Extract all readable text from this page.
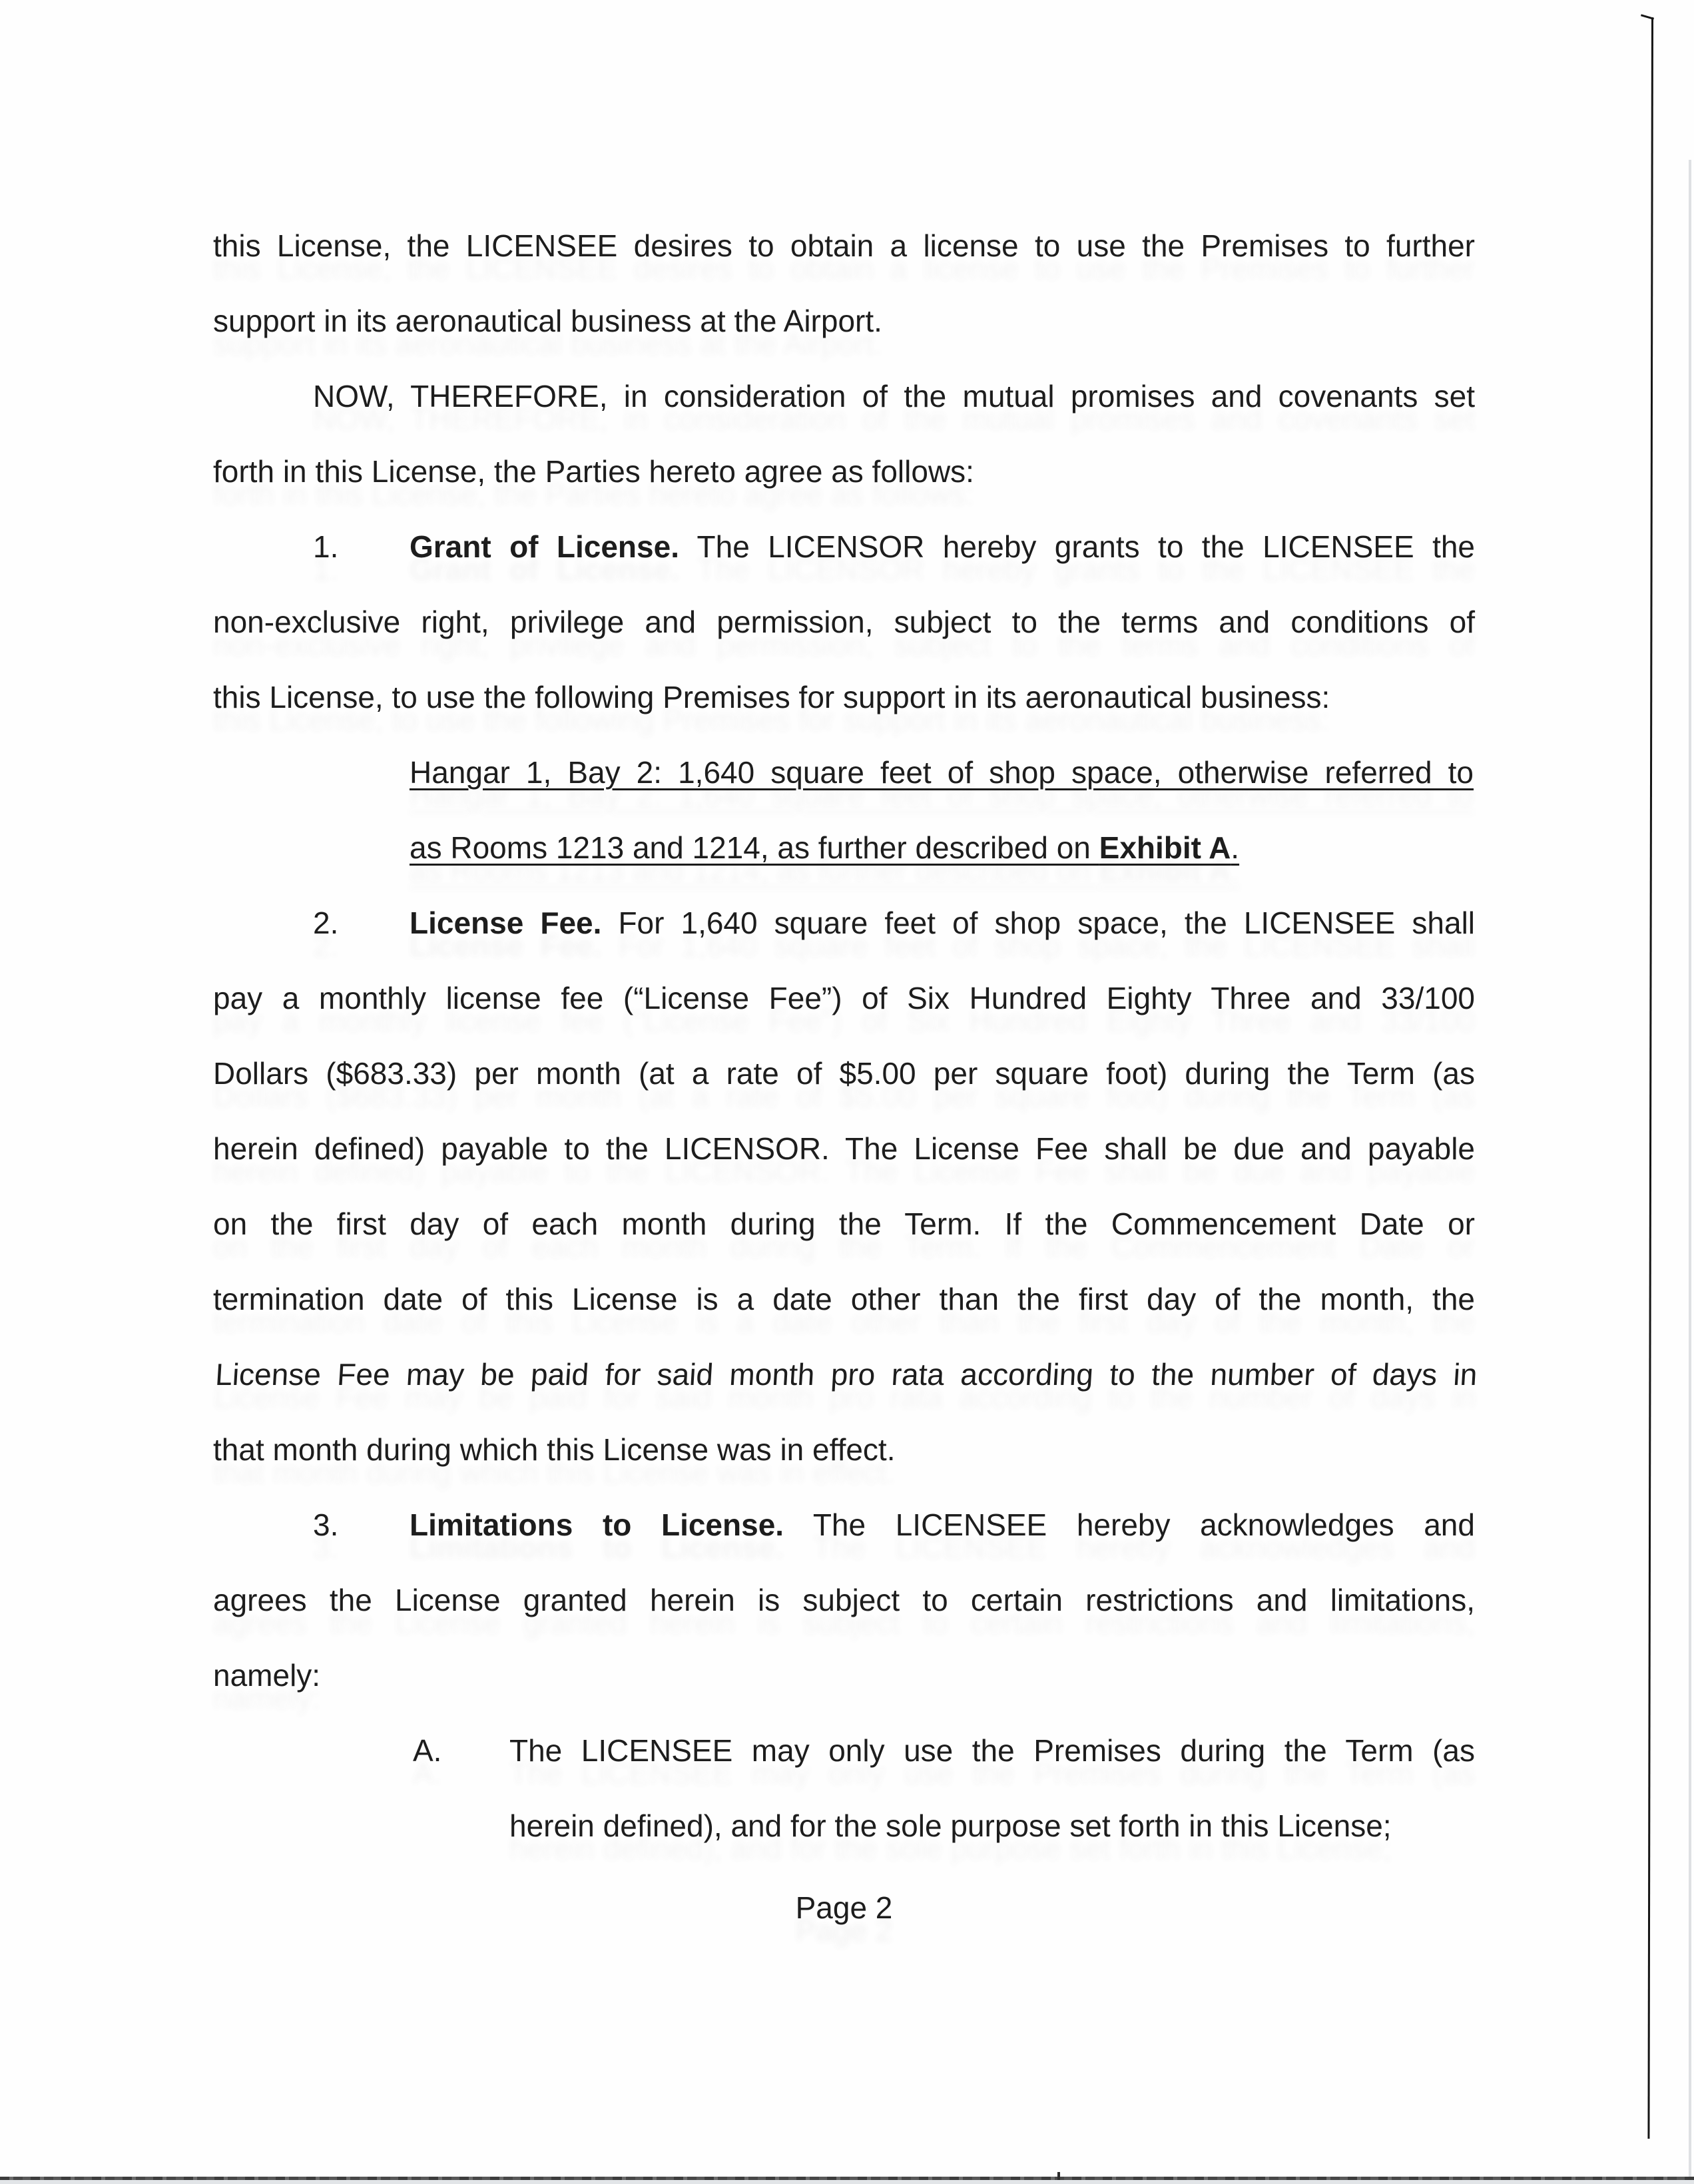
this License, the LICENSEE desires to obtain a license to use the Premises to further
support in its aeronautical business at the Airport.
NOW, THEREFORE, in consideration of the mutual promises and covenants set
forth in this License, the Parties hereto agree as follows:
1. Grant of License. The LICENSOR hereby grants to the LICENSEE the
non-exclusive right, privilege and permission, subject to the terms and conditions of
this License, to use the following Premises for support in its aeronautical business:
Hangar 1, Bay 2: 1,640 square feet of shop space, otherwise referred to
as Rooms 1213 and 1214, as further described on Exhibit A.
2. License Fee. For 1,640 square feet of shop space, the LICENSEE shall
pay a monthly license fee (“License Fee”) of Six Hundred Eighty Three and 33/100
Dollars ($683.33) per month (at a rate of $5.00 per square foot) during the Term (as
herein defined) payable to the LICENSOR. The License Fee shall be due and payable
on the first day of each month during the Term. If the Commencement Date or
termination date of this License is a date other than the first day of the month, the
License Fee may be paid for said month pro rata according to the number of days in
that month during which this License was in effect.
3. Limitations to License. The LICENSEE hereby acknowledges and
agrees the License granted herein is subject to certain restrictions and limitations,
namely:
A. The LICENSEE may only use the Premises during the Term (as
herein defined), and for the sole purpose set forth in this License;
Page 2
